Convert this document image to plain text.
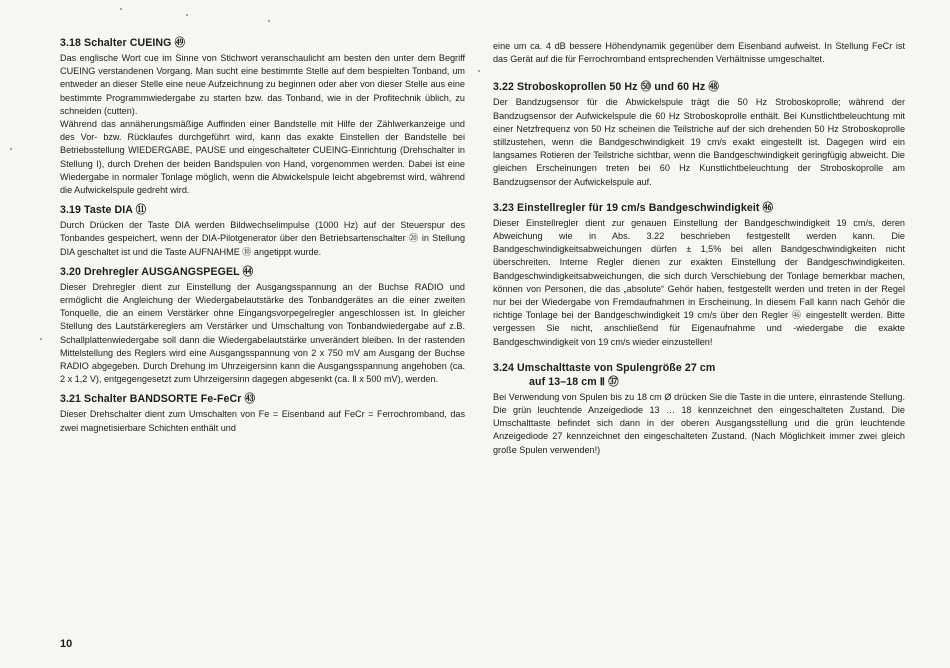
3.18 Schalter CUEING ㊾

Das englische Wort cue im Sinne von Stichwort veranschaulicht am besten den unter dem Begriff CUEING verstandenen Vorgang. Man sucht eine bestimmte Stelle auf dem bespielten Tonband, um entweder an dieser Stelle eine neue Aufzeichnung zu beginnen oder aber von dieser Stelle aus eine bestimmte Programmwiedergabe zu starten bzw. das Tonband, wie in der Profitechnik üblich, zu schneiden (cutten).

Während das annäherungsmäßige Auffinden einer Bandstelle mit Hilfe der Zählwerkanzeige und des Vor- bzw. Rücklaufes durchgeführt wird, kann das exakte Einstellen der Bandstelle bei Betriebsstellung WIEDERGABE, PAUSE und eingeschalteter CUEING-Einrichtung (Drehschalter in Stellung I), durch Drehen der beiden Bandspulen von Hand, vorgenommen werden. Dabei ist eine Wiedergabe in normaler Tonlage möglich, wenn die Abwickelspule leicht abgebremst wird, während die Aufwickelspule gedreht wird.

3.19 Taste DIA ⑪

Durch Drücken der Taste DIA werden Bildwechselimpulse (1000 Hz) auf der Steuerspur des Tonbandes gespeichert, wenn der DIA-Pilotgenerator über den Betriebsartenschalter ⑳ in Stellung DIA geschaltet ist und die Taste AUFNAHME ⑩ angetippt wurde.

3.20 Drehregler AUSGANGSPEGEL ㊹

Dieser Drehregler dient zur Einstellung der Ausgangsspannung an der Buchse RADIO und ermöglicht die Angleichung der Wiedergabelautstärke des Tonbandgerätes an die einer zweiten Tonquelle, die an einem Verstärker ohne Eingangsvorpegelregler angeschlossen ist. In gleicher Stellung des Lautstärkereglers am Verstärker und Umschaltung von Tonbandwiedergabe auf z.B. Schallplattenwiedergabe soll dann die Wiedergabelautstärke unverändert bleiben. In der rastenden Mittelstellung des Reglers wird eine Ausgangsspannung von 2 x 750 mV am Ausgang der Buchse RADIO abgegeben. Durch Drehung im Uhrzeigersinn kann die Ausgangsspannung angehoben (ca. 2 x 1,2 V), entgegengesetzt zum Uhrzeigersinn dagegen abgesenkt (ca. Ⅱ x 500 mV), werden.

3.21 Schalter BANDSORTE Fe-FeCr ㊸

Dieser Drehschalter dient zum Umschalten von Fe = Eisenband auf FeCr = Ferrochromband, das zwei magnetisierbare Schichten enthält und

eine um ca. 4 dB bessere Höhendynamik gegenüber dem Eisenband aufweist. In Stellung FeCr ist das Gerät auf die für Ferrochromband entsprechenden Verhältnisse umgeschaltet.

3.22 Stroboskoprollen 50 Hz ㊿ und 60 Hz ㊽

Der Bandzugsensor für die Abwickelspule trägt die 50 Hz Stroboskoprolle; während der Bandzugsensor der Aufwickelspule die 60 Hz Stroboskoprolle enthält. Bei Kunstlichtbeleuchtung mit einer Netzfrequenz von 50 Hz scheinen die Teilstriche auf der sich drehenden 50 Hz Stroboskoprolle stillzustehen, wenn die Bandgeschwindigkeit 19 cm/s exakt eingestellt ist. Dagegen wird ein langsames Rotieren der Teilstriche sichtbar, wenn die Bandgeschwindigkeit geringfügig abweicht. Die gleichen Erscheinungen treten bei 60 Hz Kunstlichtbeleuchtung der Stroboskoprolle am Bandzugsensor der Aufwickelspule auf.

3.23 Einstellregler für 19 cm/s Bandgeschwindigkeit ㊻

Dieser Einstellregler dient zur genauen Einstellung der Bandgeschwindigkeit 19 cm/s, deren Abweichung wie in Abs. 3.22 beschrieben festgestellt werden kann. Die Bandgeschwindigkeitsabweichungen dürfen ± 1,5% bei allen Bandgeschwindigkeiten nicht überschreiten. Interne Regler dienen zur exakten Einstellung der Bandgeschwindigkeiten. Bandgeschwindigkeitsabweichungen, die sich durch Verschiebung der Tonlage bemerkbar machen, können von Personen, die das „absolute“ Gehör haben, festgestellt werden und treten in der Regel nur bei der Wiedergabe von Fremdaufnahmen in Erscheinung. In diesem Fall kann nach Gehör die richtige Tonlage bei der Bandgeschwindigkeit 19 cm/s über den Regler ㊻ eingestellt werden. Bitte vergessen Sie nicht, anschließend für Eigenaufnahme und -wiedergabe die exakte Bandgeschwindigkeit von 19 cm/s wieder einzustellen!

3.24 Umschalttaste von Spulengröße 27 cm
auf 13–18 cm Ⅱ ㊲

Bei Verwendung von Spulen bis zu 18 cm Ø drücken Sie die Taste in die untere, einrastende Stellung. Die grün leuchtende Anzeigediode 13 … 18 kennzeichnet den eingeschalteten Zustand. Die Umschalttaste befindet sich dann in der oberen Ausgangsstellung und die grün leuchtende Anzeigediode 27 kennzeichnet den eingeschalteten Zustand. (Nach Möglichkeit immer zwei gleich große Spulen verwenden!)

10
